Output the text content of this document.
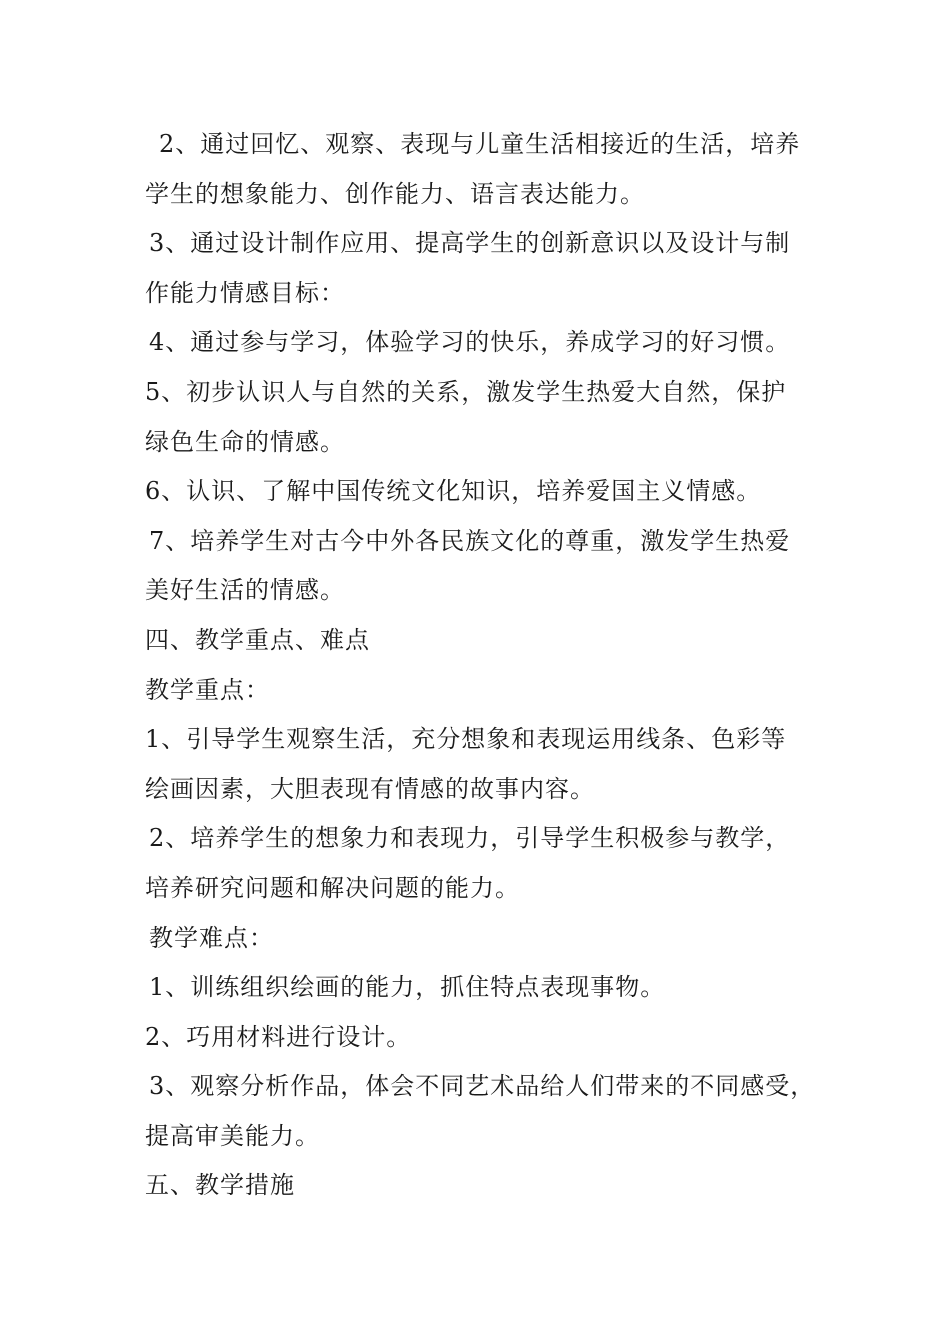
2、通过回忆、观察、表现与儿童生活相接近的生活，培养
学生的想象能力、创作能力、语言表达能力。
3、通过设计制作应用、提高学生的创新意识以及设计与制
作能力情感目标：
4、通过参与学习，体验学习的快乐，养成学习的好习惯。
5、初步认识人与自然的关系，激发学生热爱大自然，保护
绿色生命的情感。
6、认识、了解中国传统文化知识，培养爱国主义情感。
7、培养学生对古今中外各民族文化的尊重，激发学生热爱
美好生活的情感。
四、教学重点、难点
教学重点：
1、引导学生观察生活，充分想象和表现运用线条、色彩等
绘画因素，大胆表现有情感的故事内容。
2、培养学生的想象力和表现力，引导学生积极参与教学，
培养研究问题和解决问题的能力。
教学难点：
1、训练组织绘画的能力，抓住特点表现事物。
2、巧用材料进行设计。
3、观察分析作品，体会不同艺术品给人们带来的不同感受，
提高审美能力。
五、教学措施
